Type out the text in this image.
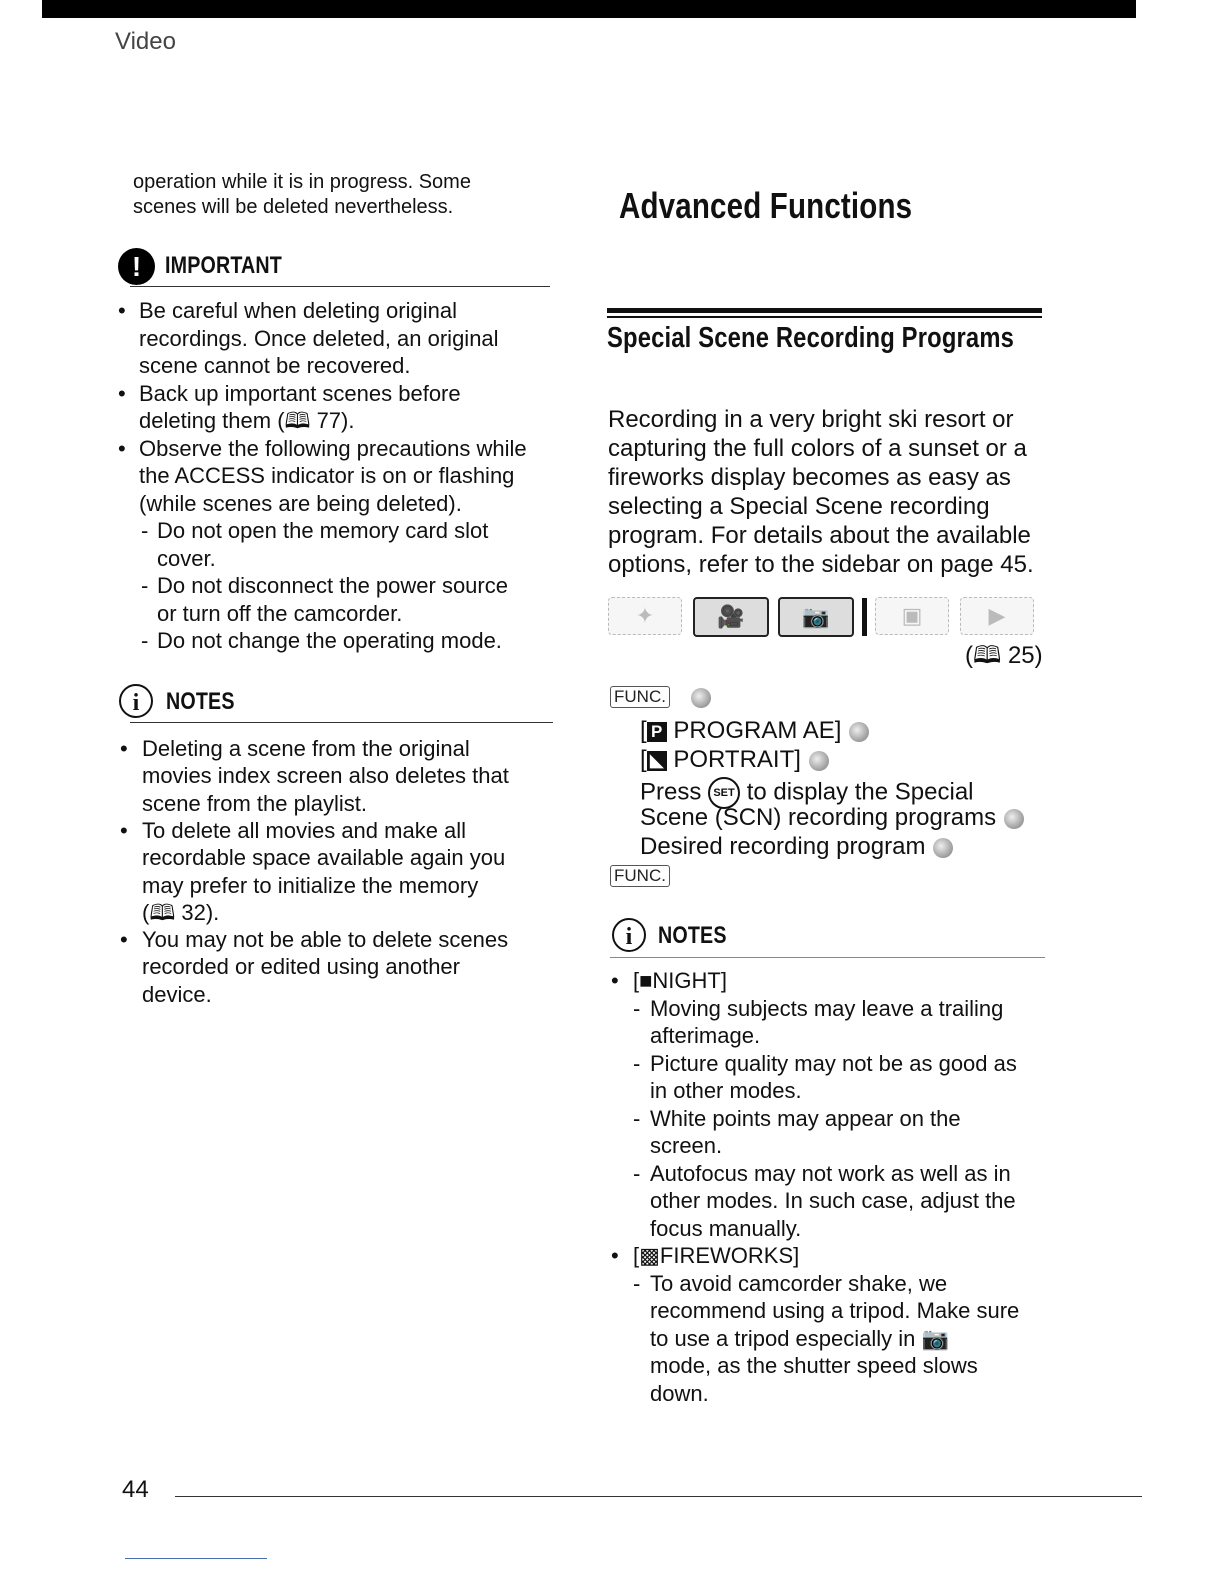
Video
! IMPORTANT
i	NOTES
Advanced Functions
Special Scene Recording Programs
✦	🎥	📷	▣	▶
(🕮 25)
FUNC.
[ P PROGRAM AE]
[ ◣ PORTRAIT]
Press SET to display the Special
Scene (SCN) recording programs
Desired recording program
FUNC.
i	NOTES
operation while it is in progress. Some
scenes will be deleted nevertheless.
• Be careful when deleting original
recordings. Once deleted, an original
scene cannot be recovered.
• Back up important scenes before
deleting them (🕮 77).
• Observe the following precautions while
the ACCESS indicator is on or flashing
(while scenes are being deleted).
- Do not open the memory card slot
cover.
- Do not disconnect the power source
or turn off the camcorder.
- Do not change the operating mode.
• Deleting a scene from the original
movies index screen also deletes that
scene from the playlist.
• To delete all movies and make all
recordable space available again you
may prefer to initialize the memory
(🕮 32).
• You may not be able to delete scenes
recorded or edited using another
device.
• [■NIGHT]
- Moving subjects may leave a trailing
afterimage.
- Picture quality may not be as good as
in other modes.
- White points may appear on the
screen.
- Autofocus may not work as well as in
other modes. In such case, adjust the
focus manually.
• [▩FIREWORKS]
- To avoid camcorder shake, we
recommend using a tripod. Make sure
to use a tripod especially in 📷
mode, as the shutter speed slows
down.
Recording in a very bright ski resort or
capturing the full colors of a sunset or a
fireworks display becomes as easy as
selecting a Special Scene recording
program. For details about the available
options, refer to the sidebar on page 45.
44
